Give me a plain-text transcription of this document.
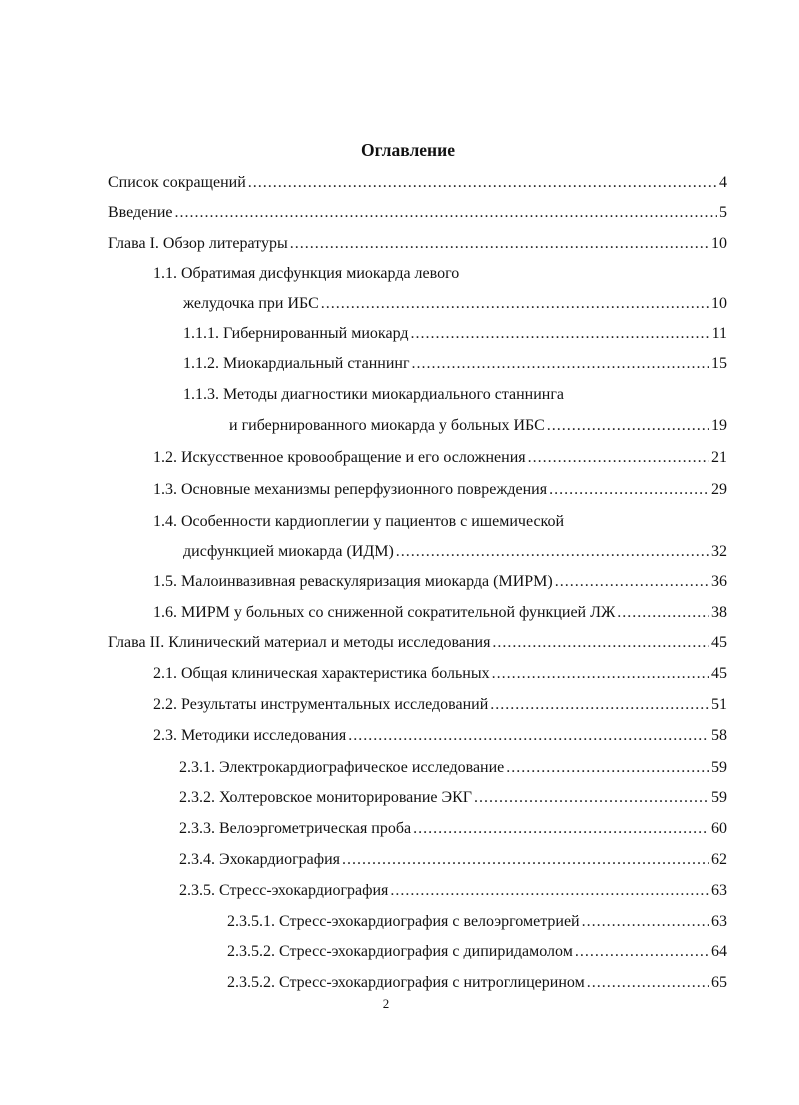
Оглавление
Список сокращений .....	4
Введение .....	5
Глава I. Обзор литературы .....	10
1.1. Обратимая дисфункция миокарда левого
желудочка при ИБС .....	10
1.1.1. Гибернированный миокард .....	11
1.1.2. Миокардиальный станнинг .....	15
1.1.3. Методы диагностики миокардиального станнинга
и гибернированного миокарда у больных ИБС .....	19
1.2. Искусственное кровообращение и его осложнения .....	21
1.3. Основные механизмы реперфузионного повреждения .....	29
1.4. Особенности кардиоплегии у пациентов с ишемической
дисфункцией миокарда (ИДМ) .....	32
1.5. Малоинвазивная реваскуляризация миокарда (МИРМ) .....	36
1.6. МИРМ у больных со сниженной сократительной функцией ЛЖ .....	38
Глава II. Клинический материал и методы исследования .....	45
2.1. Общая клиническая характеристика больных .....	45
2.2. Результаты инструментальных исследований .....	51
2.3. Методики исследования .....	58
2.3.1. Электрокардиографическое исследование .....	59
2.3.2. Холтеровское мониторирование ЭКГ .....	59
2.3.3. Велоэргометрическая проба .....	60
2.3.4. Эхокардиография .....	62
2.3.5. Стресс-эхокардиография .....	63
2.3.5.1. Стресс-эхокардиография с велоэргометрией .....	63
2.3.5.2. Стресс-эхокардиография с дипиридамолом .....	64
2.3.5.2. Стресс-эхокардиография с нитроглицерином .....	65
2
